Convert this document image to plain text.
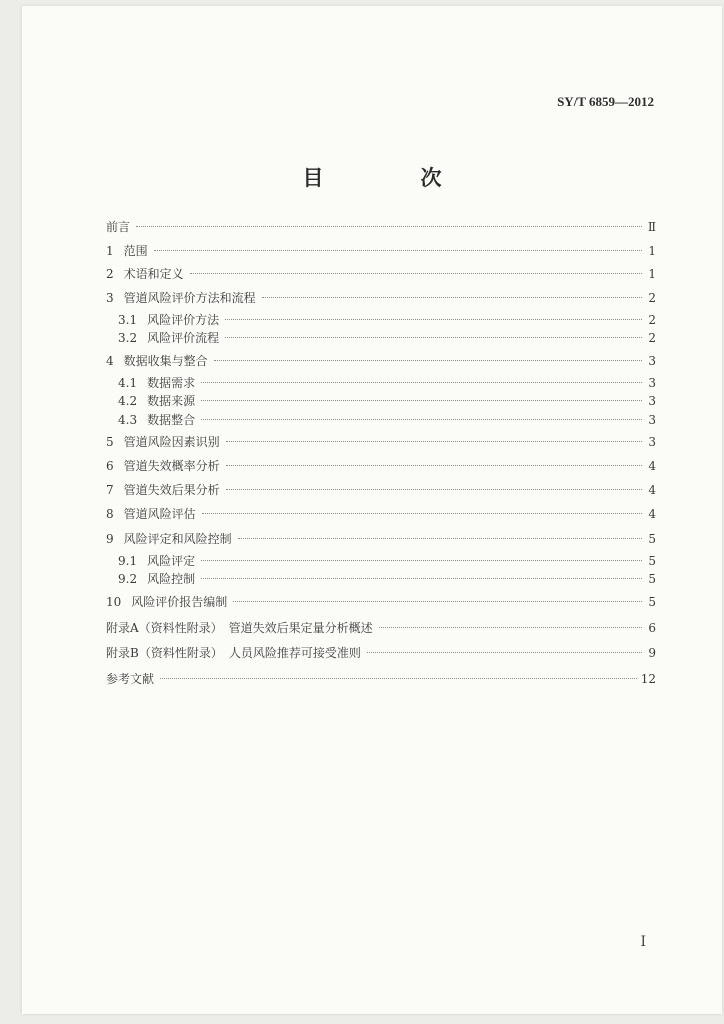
SY/T 6859—2012
目　次
前言	Ⅱ
1 范围	1
2 术语和定义	1
3 管道风险评价方法和流程	2
3.1 风险评价方法	2
3.2 风险评价流程	2
4 数据收集与整合	3
4.1 数据需求	3
4.2 数据来源	3
4.3 数据整合	3
5 管道风险因素识别	3
6 管道失效概率分析	4
7 管道失效后果分析	4
8 管道风险评估	4
9 风险评定和风险控制	5
9.1 风险评定	5
9.2 风险控制	5
10 风险评价报告编制	5
附录A（资料性附录）　管道失效后果定量分析概述	6
附录B（资料性附录）　人员风险推荐可接受准则	9
参考文献	12
Ⅰ
